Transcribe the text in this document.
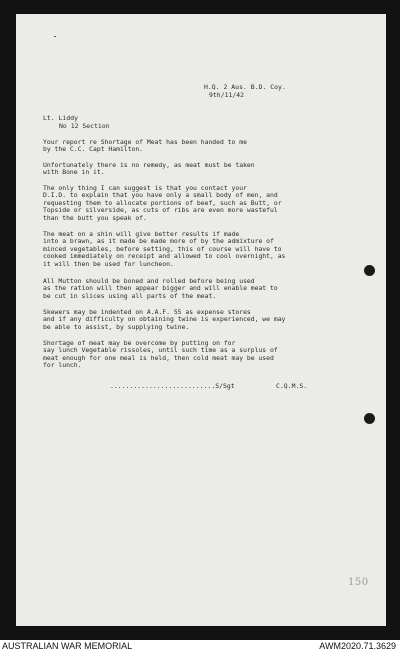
H.Q. 2 Aus. B.D. Coy.
9th/11/42
Lt. Liddy
No 12 Section
Your report re Shortage of Meat has been handed to me
by the C.C. Capt Hamilton.
Unfortunately there is no remedy, as meat must be taken
with Bone in it.
The only thing I can suggest is that you contact your
D.I.D. to explain that you have only a small body of men, and
requesting them to allocate portions of beef, such as Butt, or
Topside or silverside, as cuts of ribs are even more wasteful
than the butt you speak of.
The meat on a shin will give better results if made
into a brawn, as it made be made more of by the admixture of
minced vegetables, before setting, this of course will have to
cooked immediately on receipt and allowed to cool overnight, as
it will then be used for luncheon.
All Mutton should be boned and rolled before being used
as the ration will then appear bigger and will enable meat to
be cut in slices using all parts of the meat.
Skewers may be indented on A.A.F. 55 as expense stores
and if any difficulty on obtaining twine is experienced, we may
be able to assist, by supplying twine.
Shortage of meat may be overcome by putting on for
say lunch Vegetable rissoles, until such time as a surplus of
meat enough for one meal is held, then cold meat may be used
for lunch.
...........................S/Sgt	C.Q.M.S.
150
AUSTRALIAN WAR MEMORIAL	AWM2020.71.3629
